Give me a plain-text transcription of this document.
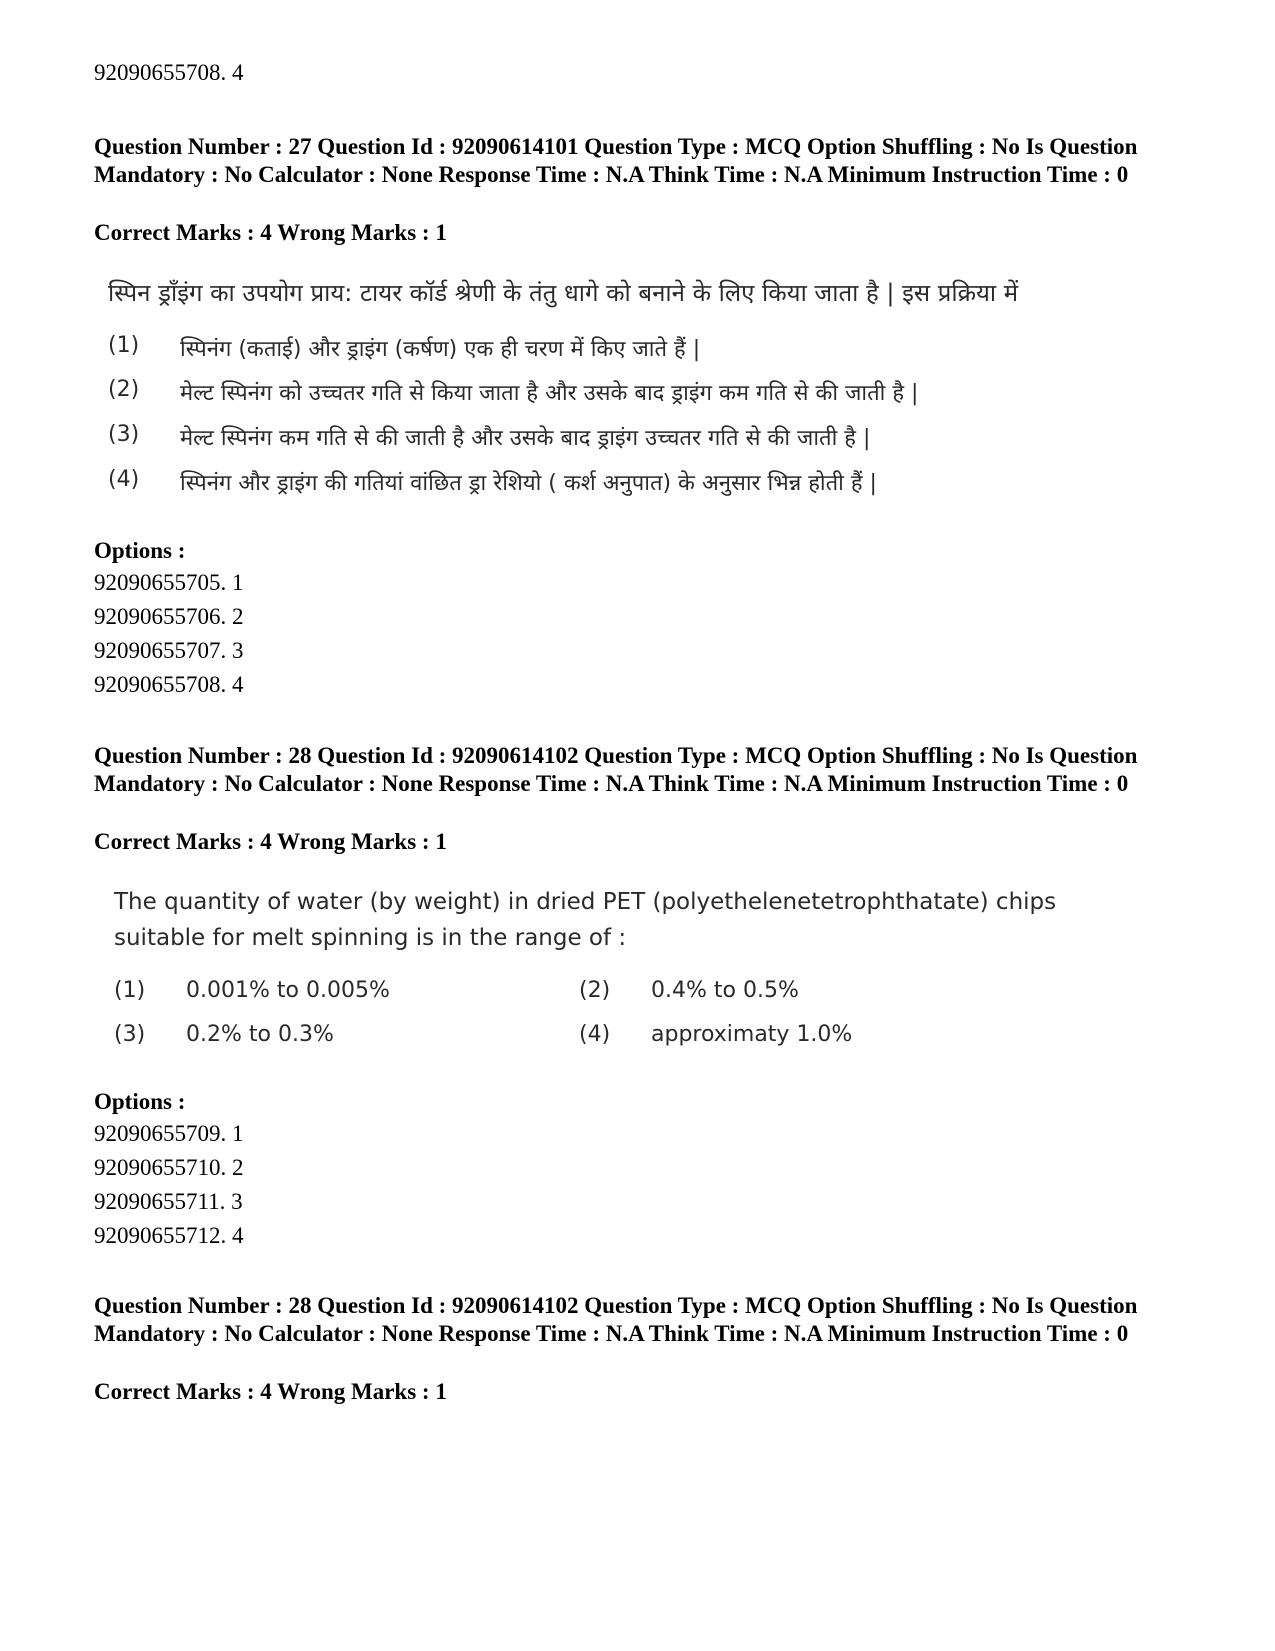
92090655708. 4
Question Number : 27 Question Id : 92090614101 Question Type : MCQ Option Shuffling : No Is Question Mandatory : No Calculator : None Response Time : N.A Think Time : N.A Minimum Instruction Time : 0
Correct Marks : 4 Wrong Marks : 1
स्पिन ड्राँइंग का उपयोग प्राय: टायर कॉर्ड श्रेणी के तंतु धागे को बनाने के लिए किया जाता है | इस प्रक्रिया में
(1)	स्पिनंग (कताई) और ड्राइंग (कर्षण) एक ही चरण में किए जाते हैं |
(2)	मेल्ट स्पिनंग को उच्चतर गति से किया जाता है और उसके बाद ड्राइंग कम गति से की जाती है |
(3)	मेल्ट स्पिनंग कम गति से की जाती है और उसके बाद ड्राइंग उच्चतर गति से की जाती है |
(4)	स्पिनंग और ड्राइंग की गतियां वांछित ड्रा रेशियो ( कर्श अनुपात) के अनुसार भिन्न होती हैं |
Options :
92090655705. 1
92090655706. 2
92090655707. 3
92090655708. 4
Question Number : 28 Question Id : 92090614102 Question Type : MCQ Option Shuffling : No Is Question Mandatory : No Calculator : None Response Time : N.A Think Time : N.A Minimum Instruction Time : 0
Correct Marks : 4 Wrong Marks : 1
The quantity of water (by weight) in dried PET (polyethelenetetrophthatate) chips suitable for melt spinning is in the range of :
(1)	0.001% to 0.005%	(2)	0.4% to 0.5%
(3)	0.2% to 0.3%	(4)	approximaty 1.0%
Options :
92090655709. 1
92090655710. 2
92090655711. 3
92090655712. 4
Question Number : 28 Question Id : 92090614102 Question Type : MCQ Option Shuffling : No Is Question Mandatory : No Calculator : None Response Time : N.A Think Time : N.A Minimum Instruction Time : 0
Correct Marks : 4 Wrong Marks : 1
